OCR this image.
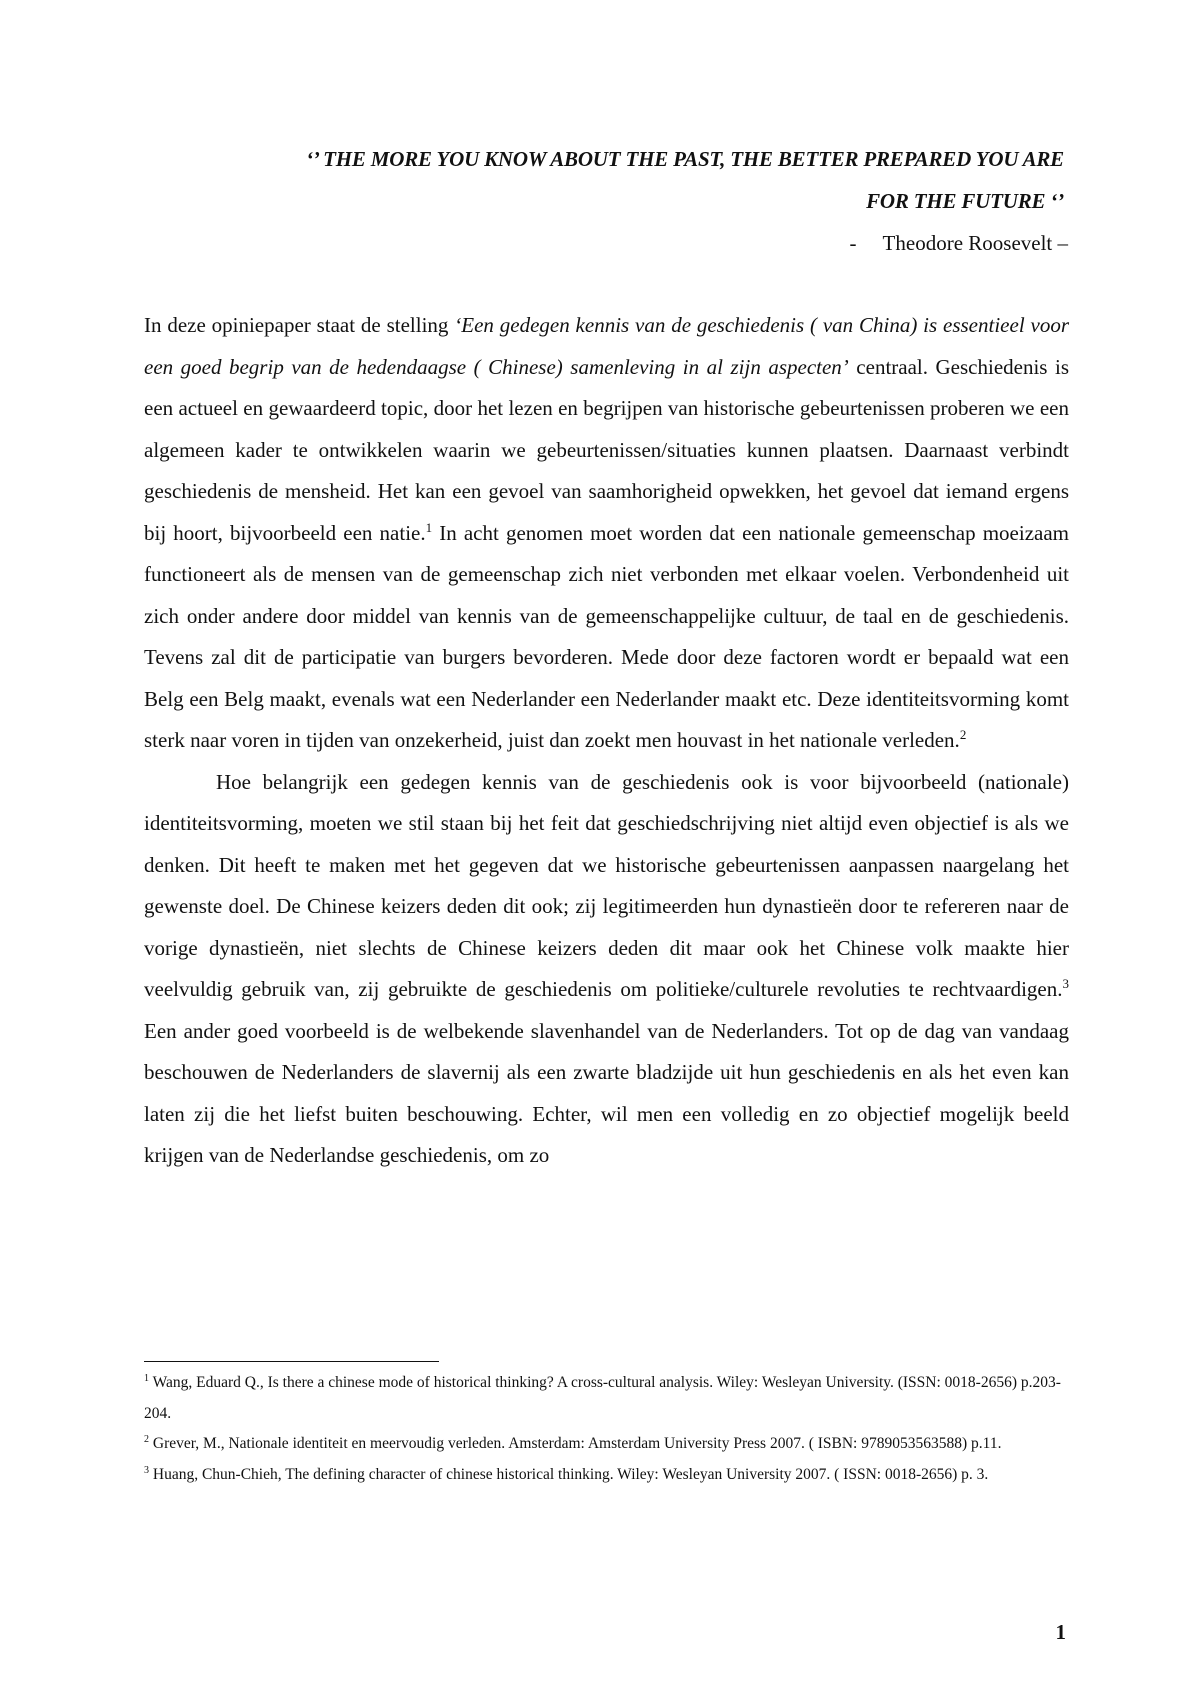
‘’ THE MORE YOU KNOW ABOUT THE PAST, THE BETTER PREPARED YOU ARE
FOR THE FUTURE ‘’
- Theodore Roosevelt –

In deze opiniepaper staat de stelling ‘Een gedegen kennis van de geschiedenis ( van China) is essentieel voor een goed begrip van de hedendaagse ( Chinese) samenleving in al zijn aspecten’ centraal. Geschiedenis is een actueel en gewaardeerd topic, door het lezen en begrijpen van historische gebeurtenissen proberen we een algemeen kader te ontwikkelen waarin we gebeurtenissen/situaties kunnen plaatsen. Daarnaast verbindt geschiedenis de mensheid. Het kan een gevoel van saamhorigheid opwekken, het gevoel dat iemand ergens bij hoort, bijvoorbeeld een natie.$^1$ In acht genomen moet worden dat een nationale gemeenschap moeizaam functioneert als de mensen van de gemeenschap zich niet verbonden met elkaar voelen. Verbondenheid uit zich onder andere door middel van kennis van de gemeenschappelijke cultuur, de taal en de geschiedenis. Tevens zal dit de participatie van burgers bevorderen. Mede door deze factoren wordt er bepaald wat een Belg een Belg maakt, evenals wat een Nederlander een Nederlander maakt etc. Deze identiteitsvorming komt sterk naar voren in tijden van onzekerheid, juist dan zoekt men houvast in het nationale verleden.$^2$

Hoe belangrijk een gedegen kennis van de geschiedenis ook is voor bijvoorbeeld (nationale) identiteitsvorming, moeten we stil staan bij het feit dat geschiedschrijving niet altijd even objectief is als we denken. Dit heeft te maken met het gegeven dat we historische gebeurtenissen aanpassen naargelang het gewenste doel. De Chinese keizers deden dit ook; zij legitimeerden hun dynastieën door te refereren naar de vorige dynastieën, niet slechts de Chinese keizers deden dit maar ook het Chinese volk maakte hier veelvuldig gebruik van, zij gebruikte de geschiedenis om politieke/culturele revoluties te rechtvaardigen.$^3$ Een ander goed voorbeeld is de welbekende slavenhandel van de Nederlanders. Tot op de dag van vandaag beschouwen de Nederlanders de slavernij als een zwarte bladzijde uit hun geschiedenis en als het even kan laten zij die het liefst buiten beschouwing. Echter, wil men een volledig en zo objectief mogelijk beeld krijgen van de Nederlandse geschiedenis, om zo

$^1$ Wang, Eduard Q., Is there a chinese mode of historical thinking? A cross-cultural analysis. Wiley: Wesleyan University. (ISSN: 0018-2656) p.203-204.

$^2$ Grever, M., Nationale identiteit en meervoudig verleden. Amsterdam: Amsterdam University Press 2007. ( ISBN: 9789053563588) p.11.

$^3$ Huang, Chun-Chieh, The defining character of chinese historical thinking. Wiley: Wesleyan University 2007. ( ISSN: 0018-2656) p. 3.

1
